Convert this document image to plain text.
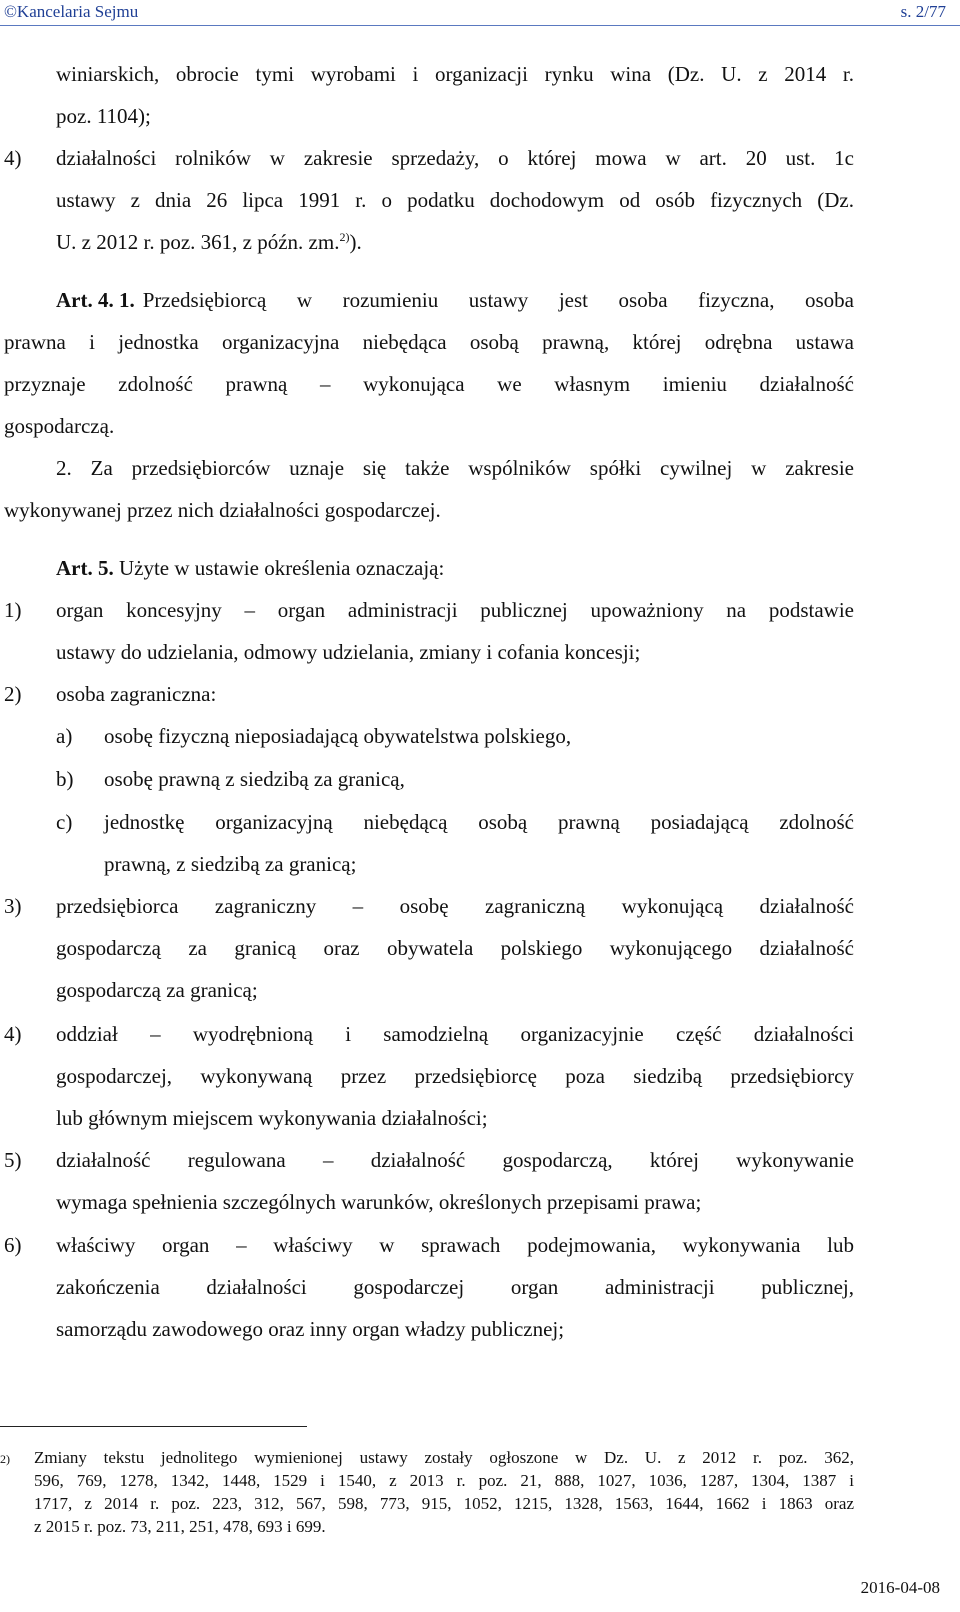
©Kancelaria Sejmu	s. 2/77
winiarskich, obrocie tymi wyrobami i organizacji rynku wina (Dz. U. z 2014 r.
poz. 1104);
4) działalności rolników w zakresie sprzedaży, o której mowa w art. 20 ust. 1c
ustawy z dnia 26 lipca 1991 r. o podatku dochodowym od osób fizycznych (Dz.
U. z 2012 r. poz. 361, z późn. zm.$^{2)}$).
Art. 4. 1. Przedsiębiorcą w rozumieniu ustawy jest osoba fizyczna, osoba
prawna i jednostka organizacyjna niebędąca osobą prawną, której odrębna ustawa
przyznaje zdolność prawną – wykonująca we własnym imieniu działalność
gospodarczą.
2. Za przedsiębiorców uznaje się także wspólników spółki cywilnej w zakresie
wykonywanej przez nich działalności gospodarczej.
Art. 5. Użyte w ustawie określenia oznaczają:
1) organ koncesyjny – organ administracji publicznej upoważniony na podstawie
ustawy do udzielania, odmowy udzielania, zmiany i cofania koncesji;
2) osoba zagraniczna:
a) osobę fizyczną nieposiadającą obywatelstwa polskiego,
b) osobę prawną z siedzibą za granicą,
c) jednostkę organizacyjną niebędącą osobą prawną posiadającą zdolność
prawną, z siedzibą za granicą;
3) przedsiębiorca zagraniczny – osobę zagraniczną wykonującą działalność
gospodarczą za granicą oraz obywatela polskiego wykonującego działalność
gospodarczą za granicą;
4) oddział – wyodrębnioną i samodzielną organizacyjnie część działalności
gospodarczej, wykonywaną przez przedsiębiorcę poza siedzibą przedsiębiorcy
lub głównym miejscem wykonywania działalności;
5) działalność regulowana – działalność gospodarczą, której wykonywanie
wymaga spełnienia szczególnych warunków, określonych przepisami prawa;
6) właściwy organ – właściwy w sprawach podejmowania, wykonywania lub
zakończenia działalności gospodarczej organ administracji publicznej,
samorządu zawodowego oraz inny organ władzy publicznej;
2) Zmiany tekstu jednolitego wymienionej ustawy zostały ogłoszone w Dz. U. z 2012 r. poz. 362,
596, 769, 1278, 1342, 1448, 1529 i 1540, z 2013 r. poz. 21, 888, 1027, 1036, 1287, 1304, 1387 i
1717, z 2014 r. poz. 223, 312, 567, 598, 773, 915, 1052, 1215, 1328, 1563, 1644, 1662 i 1863 oraz
z 2015 r. poz. 73, 211, 251, 478, 693 i 699.
2016-04-08
